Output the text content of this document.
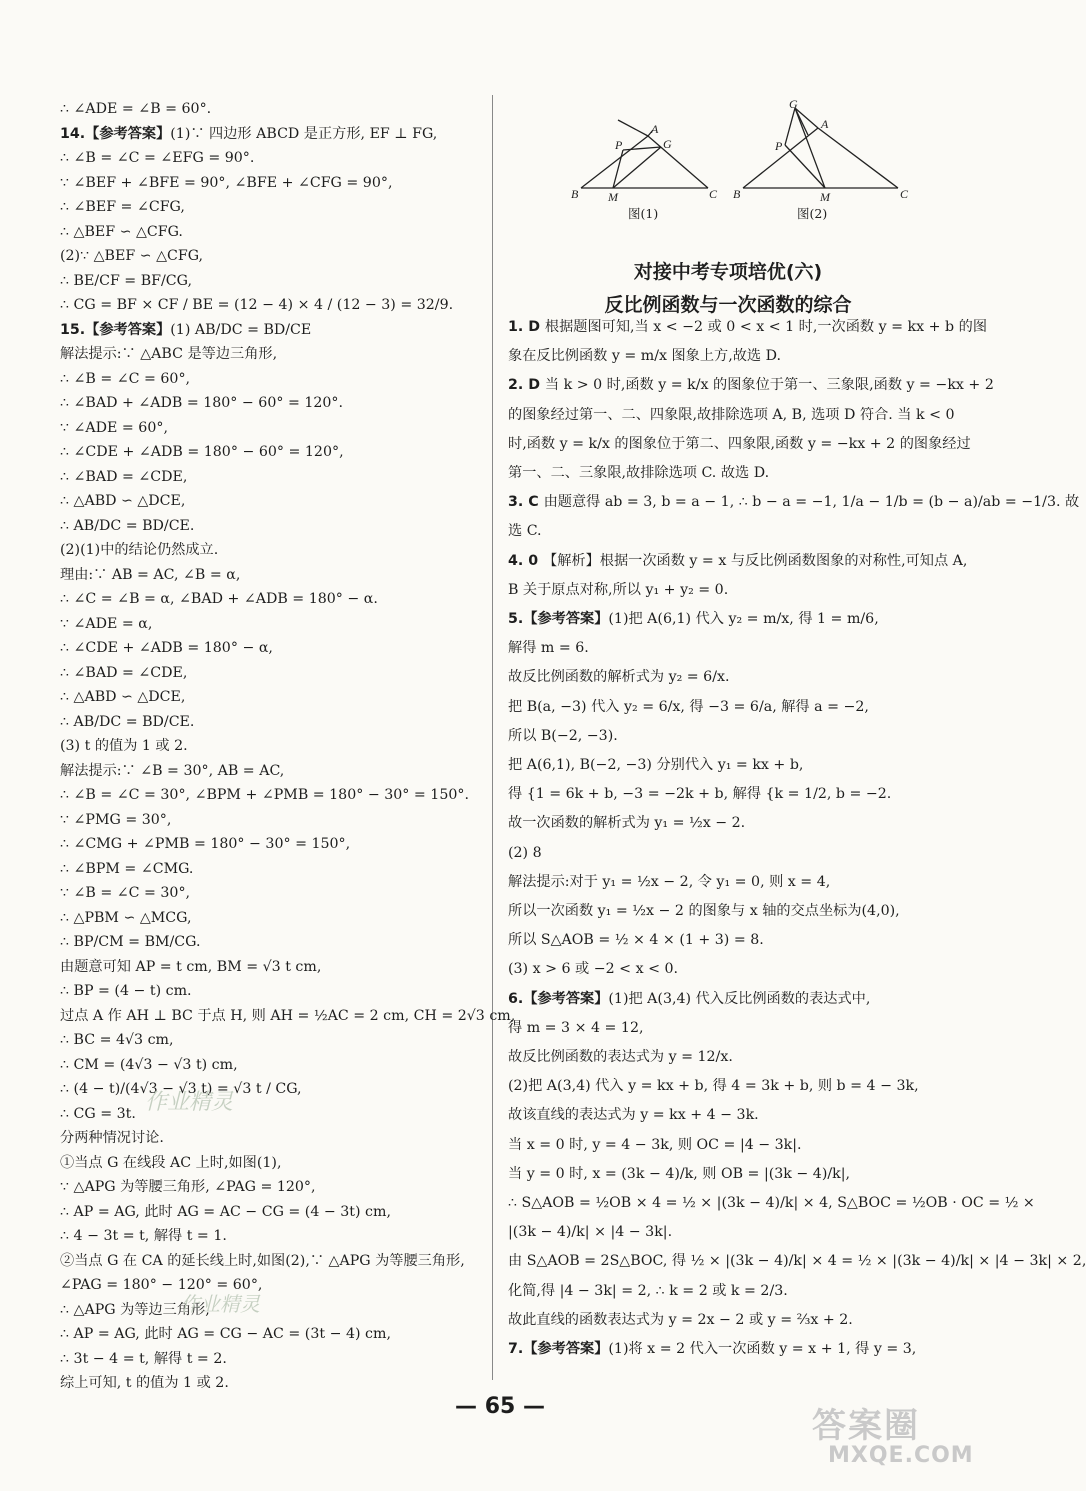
∴ ∠ADE = ∠B = 60°.
14.【参考答案】(1)∵ 四边形 ABCD 是正方形, EF ⊥ FG,
∴ ∠B = ∠C = ∠EFG = 90°.
∵ ∠BEF + ∠BFE = 90°, ∠BFE + ∠CFG = 90°,
∴ ∠BEF = ∠CFG,
∴ △BEF ∽ △CFG.
(2)∵ △BEF ∽ △CFG,
∴ BE/CF = BF/CG,
∴ CG = BF × CF / BE = (12 − 4) × 4 / (12 − 3) = 32/9.
15.【参考答案】(1) AB/DC = BD/CE
解法提示:∵ △ABC 是等边三角形,
∴ ∠B = ∠C = 60°,
∴ ∠BAD + ∠ADB = 180° − 60° = 120°.
∵ ∠ADE = 60°,
∴ ∠CDE + ∠ADB = 180° − 60° = 120°,
∴ ∠BAD = ∠CDE,
∴ △ABD ∽ △DCE,
∴ AB/DC = BD/CE.
(2)(1)中的结论仍然成立.
理由:∵ AB = AC, ∠B = α,
∴ ∠C = ∠B = α, ∠BAD + ∠ADB = 180° − α.
∵ ∠ADE = α,
∴ ∠CDE + ∠ADB = 180° − α,
∴ ∠BAD = ∠CDE,
∴ △ABD ∽ △DCE,
∴ AB/DC = BD/CE.
(3) t 的值为 1 或 2.
解法提示:∵ ∠B = 30°, AB = AC,
∴ ∠B = ∠C = 30°, ∠BPM + ∠PMB = 180° − 30° = 150°.
∵ ∠PMG = 30°,
∴ ∠CMG + ∠PMB = 180° − 30° = 150°,
∴ ∠BPM = ∠CMG.
∵ ∠B = ∠C = 30°,
∴ △PBM ∽ △MCG,
∴ BP/CM = BM/CG.
由题意可知 AP = t cm, BM = √3 t cm,
∴ BP = (4 − t) cm.
过点 A 作 AH ⊥ BC 于点 H, 则 AH = ½AC = 2 cm, CH = 2√3 cm,
∴ BC = 4√3 cm,
∴ CM = (4√3 − √3 t) cm,
∴ (4 − t)/(4√3 − √3 t) = √3 t / CG,
∴ CG = 3t.
分两种情况讨论.
①当点 G 在线段 AC 上时,如图(1),
∵ △APG 为等腰三角形, ∠PAG = 120°,
∴ AP = AG, 此时 AG = AC − CG = (4 − 3t) cm,
∴ 4 − 3t = t, 解得 t = 1.
②当点 G 在 CA 的延长线上时,如图(2),∵ △APG 为等腰三角形,
∠PAG = 180° − 120° = 60°,
∴ △APG 为等边三角形,
∴ AP = AG, 此时 AG = CG − AC = (3t − 4) cm,
∴ 3t − 4 = t, 解得 t = 2.
综上可知, t 的值为 1 或 2.
A
P	G
B M	C
G
A
P
B	M	C
图(1)	图(2)
对接中考专项培优(六)
反比例函数与一次函数的综合
1. D 根据题图可知,当 x < −2 或 0 < x < 1 时,一次函数 y = kx + b 的图
象在反比例函数 y = m/x 图象上方,故选 D.
2. D 当 k > 0 时,函数 y = k/x 的图象位于第一、三象限,函数 y = −kx + 2
的图象经过第一、二、四象限,故排除选项 A, B, 选项 D 符合. 当 k < 0
时,函数 y = k/x 的图象位于第二、四象限,函数 y = −kx + 2 的图象经过
第一、二、三象限,故排除选项 C. 故选 D.
3. C 由题意得 ab = 3, b = a − 1, ∴ b − a = −1, 1/a − 1/b = (b − a)/ab = −1/3. 故
选 C.
4. 0 【解析】根据一次函数 y = x 与反比例函数图象的对称性,可知点 A,
B 关于原点对称,所以 y₁ + y₂ = 0.
5.【参考答案】(1)把 A(6,1) 代入 y₂ = m/x, 得 1 = m/6,
解得 m = 6.
故反比例函数的解析式为 y₂ = 6/x.
把 B(a, −3) 代入 y₂ = 6/x, 得 −3 = 6/a, 解得 a = −2,
所以 B(−2, −3).
把 A(6,1), B(−2, −3) 分别代入 y₁ = kx + b,
得 {1 = 6k + b, −3 = −2k + b, 解得 {k = 1/2, b = −2.
故一次函数的解析式为 y₁ = ½x − 2.
(2) 8
解法提示:对于 y₁ = ½x − 2, 令 y₁ = 0, 则 x = 4,
所以一次函数 y₁ = ½x − 2 的图象与 x 轴的交点坐标为(4,0),
所以 S△AOB = ½ × 4 × (1 + 3) = 8.
(3) x > 6 或 −2 < x < 0.
6.【参考答案】(1)把 A(3,4) 代入反比例函数的表达式中,
得 m = 3 × 4 = 12,
故反比例函数的表达式为 y = 12/x.
(2)把 A(3,4) 代入 y = kx + b, 得 4 = 3k + b, 则 b = 4 − 3k,
故该直线的表达式为 y = kx + 4 − 3k.
当 x = 0 时, y = 4 − 3k, 则 OC = |4 − 3k|.
当 y = 0 时, x = (3k − 4)/k, 则 OB = |(3k − 4)/k|,
∴ S△AOB = ½OB × 4 = ½ × |(3k − 4)/k| × 4, S△BOC = ½OB · OC = ½ ×
|(3k − 4)/k| × |4 − 3k|.
由 S△AOB = 2S△BOC, 得 ½ × |(3k − 4)/k| × 4 = ½ × |(3k − 4)/k| × |4 − 3k| × 2,
化简,得 |4 − 3k| = 2, ∴ k = 2 或 k = 2/3.
故此直线的函数表达式为 y = 2x − 2 或 y = ⅔x + 2.
7.【参考答案】(1)将 x = 2 代入一次函数 y = x + 1, 得 y = 3,
— 65 —
作业精灵
作业精灵
答案圈
MXQE.COM
